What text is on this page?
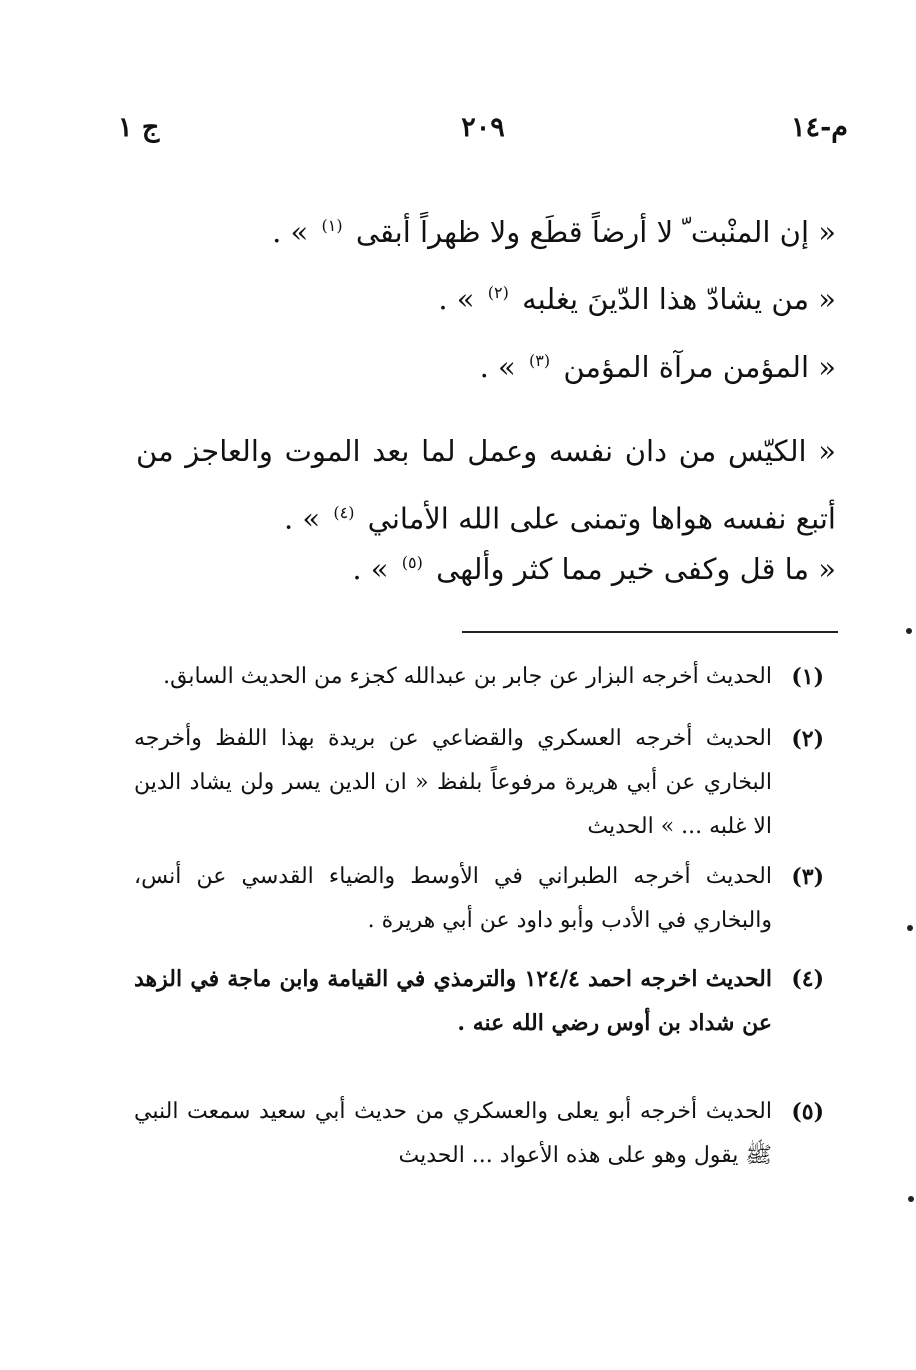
م-١٤
٢٠٩
ج ١

« إن المنْبت ّ لا أرضاً قطَع ولا ظهراً أبقى $^{(١)}$ » .

« من يشادّ هذا الدّينَ يغلبه $^{(٢)}$ » .

« المؤمن مرآة المؤمن $^{(٣)}$ » .

« الكيّس من دان نفسه وعمل لما بعد الموت والعاجز من أتبع نفسه هواها وتمنى على الله الأماني $^{(٤)}$ » .

« ما قل وكفى خير مما كثر وألهى $^{(٥)}$ » .

(١)
الحديث أخرجه البزار عن جابر بن عبدالله كجزء من الحديث السابق.
(٢)
الحديث أخرجه العسكري والقضاعي عن بريدة بهذا اللفظ وأخرجه البخاري عن أبي هريرة مرفوعاً بلفظ « ان الدين يسر ولن يشاد الدين الا غلبه ... » الحديث
(٣)
الحديث أخرجه الطبراني في الأوسط والضياء القدسي عن أنس، والبخاري في الأدب وأبو داود عن أبي هريرة .
(٤)
الحديث اخرجه احمد ١٢٤/٤ والترمذي في القيامة وابن ماجة في الزهد عن شداد بن أوس رضي الله عنه .
(٥)
الحديث أخرجه أبو يعلى والعسكري من حديث أبي سعيد سمعت النبي ﷺ يقول وهو على هذه الأعواد ... الحديث
